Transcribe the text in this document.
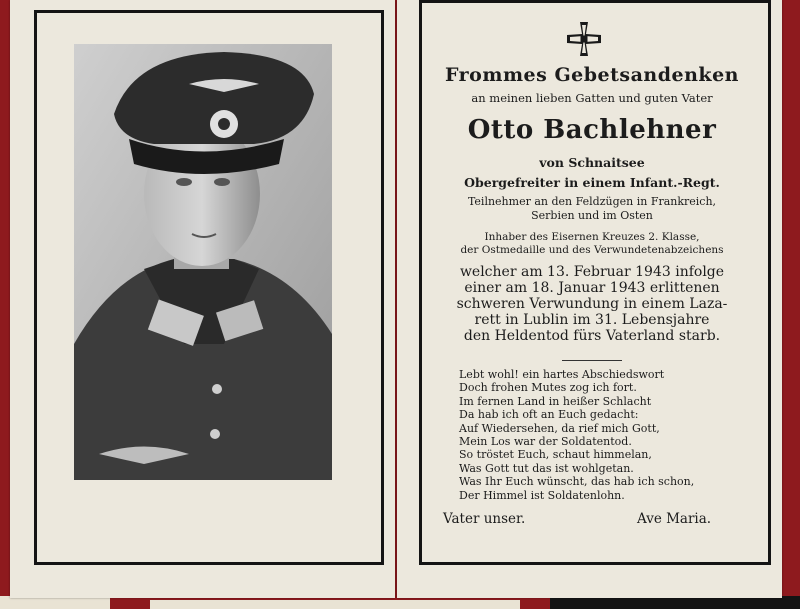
Frommes Gebetsandenken
an meinen lieben Gatten und guten Vater
Otto Bachlehner
von Schnaitsee
Obergefreiter in einem Infant.-Regt.
Teilnehmer an den Feldzügen in Frankreich,
Serbien und im Osten
Inhaber des Eisernen Kreuzes 2. Klasse,
der Ostmedaille und des Verwundetenabzeichens
welcher am 13. Februar 1943 infolge
einer am 18. Januar 1943 erlittenen
schweren Verwundung in einem Laza-
rett in Lublin im 31. Lebensjahre
den Heldentod fürs Vaterland starb.
Lebt wohl! ein hartes Abschiedswort
Doch frohen Mutes zog ich fort.
Im fernen Land in heißer Schlacht
Da hab ich oft an Euch gedacht:
Auf Wiedersehen, da rief mich Gott,
Mein Los war der Soldatentod.
So tröstet Euch, schaut himmelan,
Was Gott tut das ist wohlgetan.
Was Ihr Euch wünscht, das hab ich schon,
Der Himmel ist Soldatenlohn.
Vater unser.	Ave Maria.
